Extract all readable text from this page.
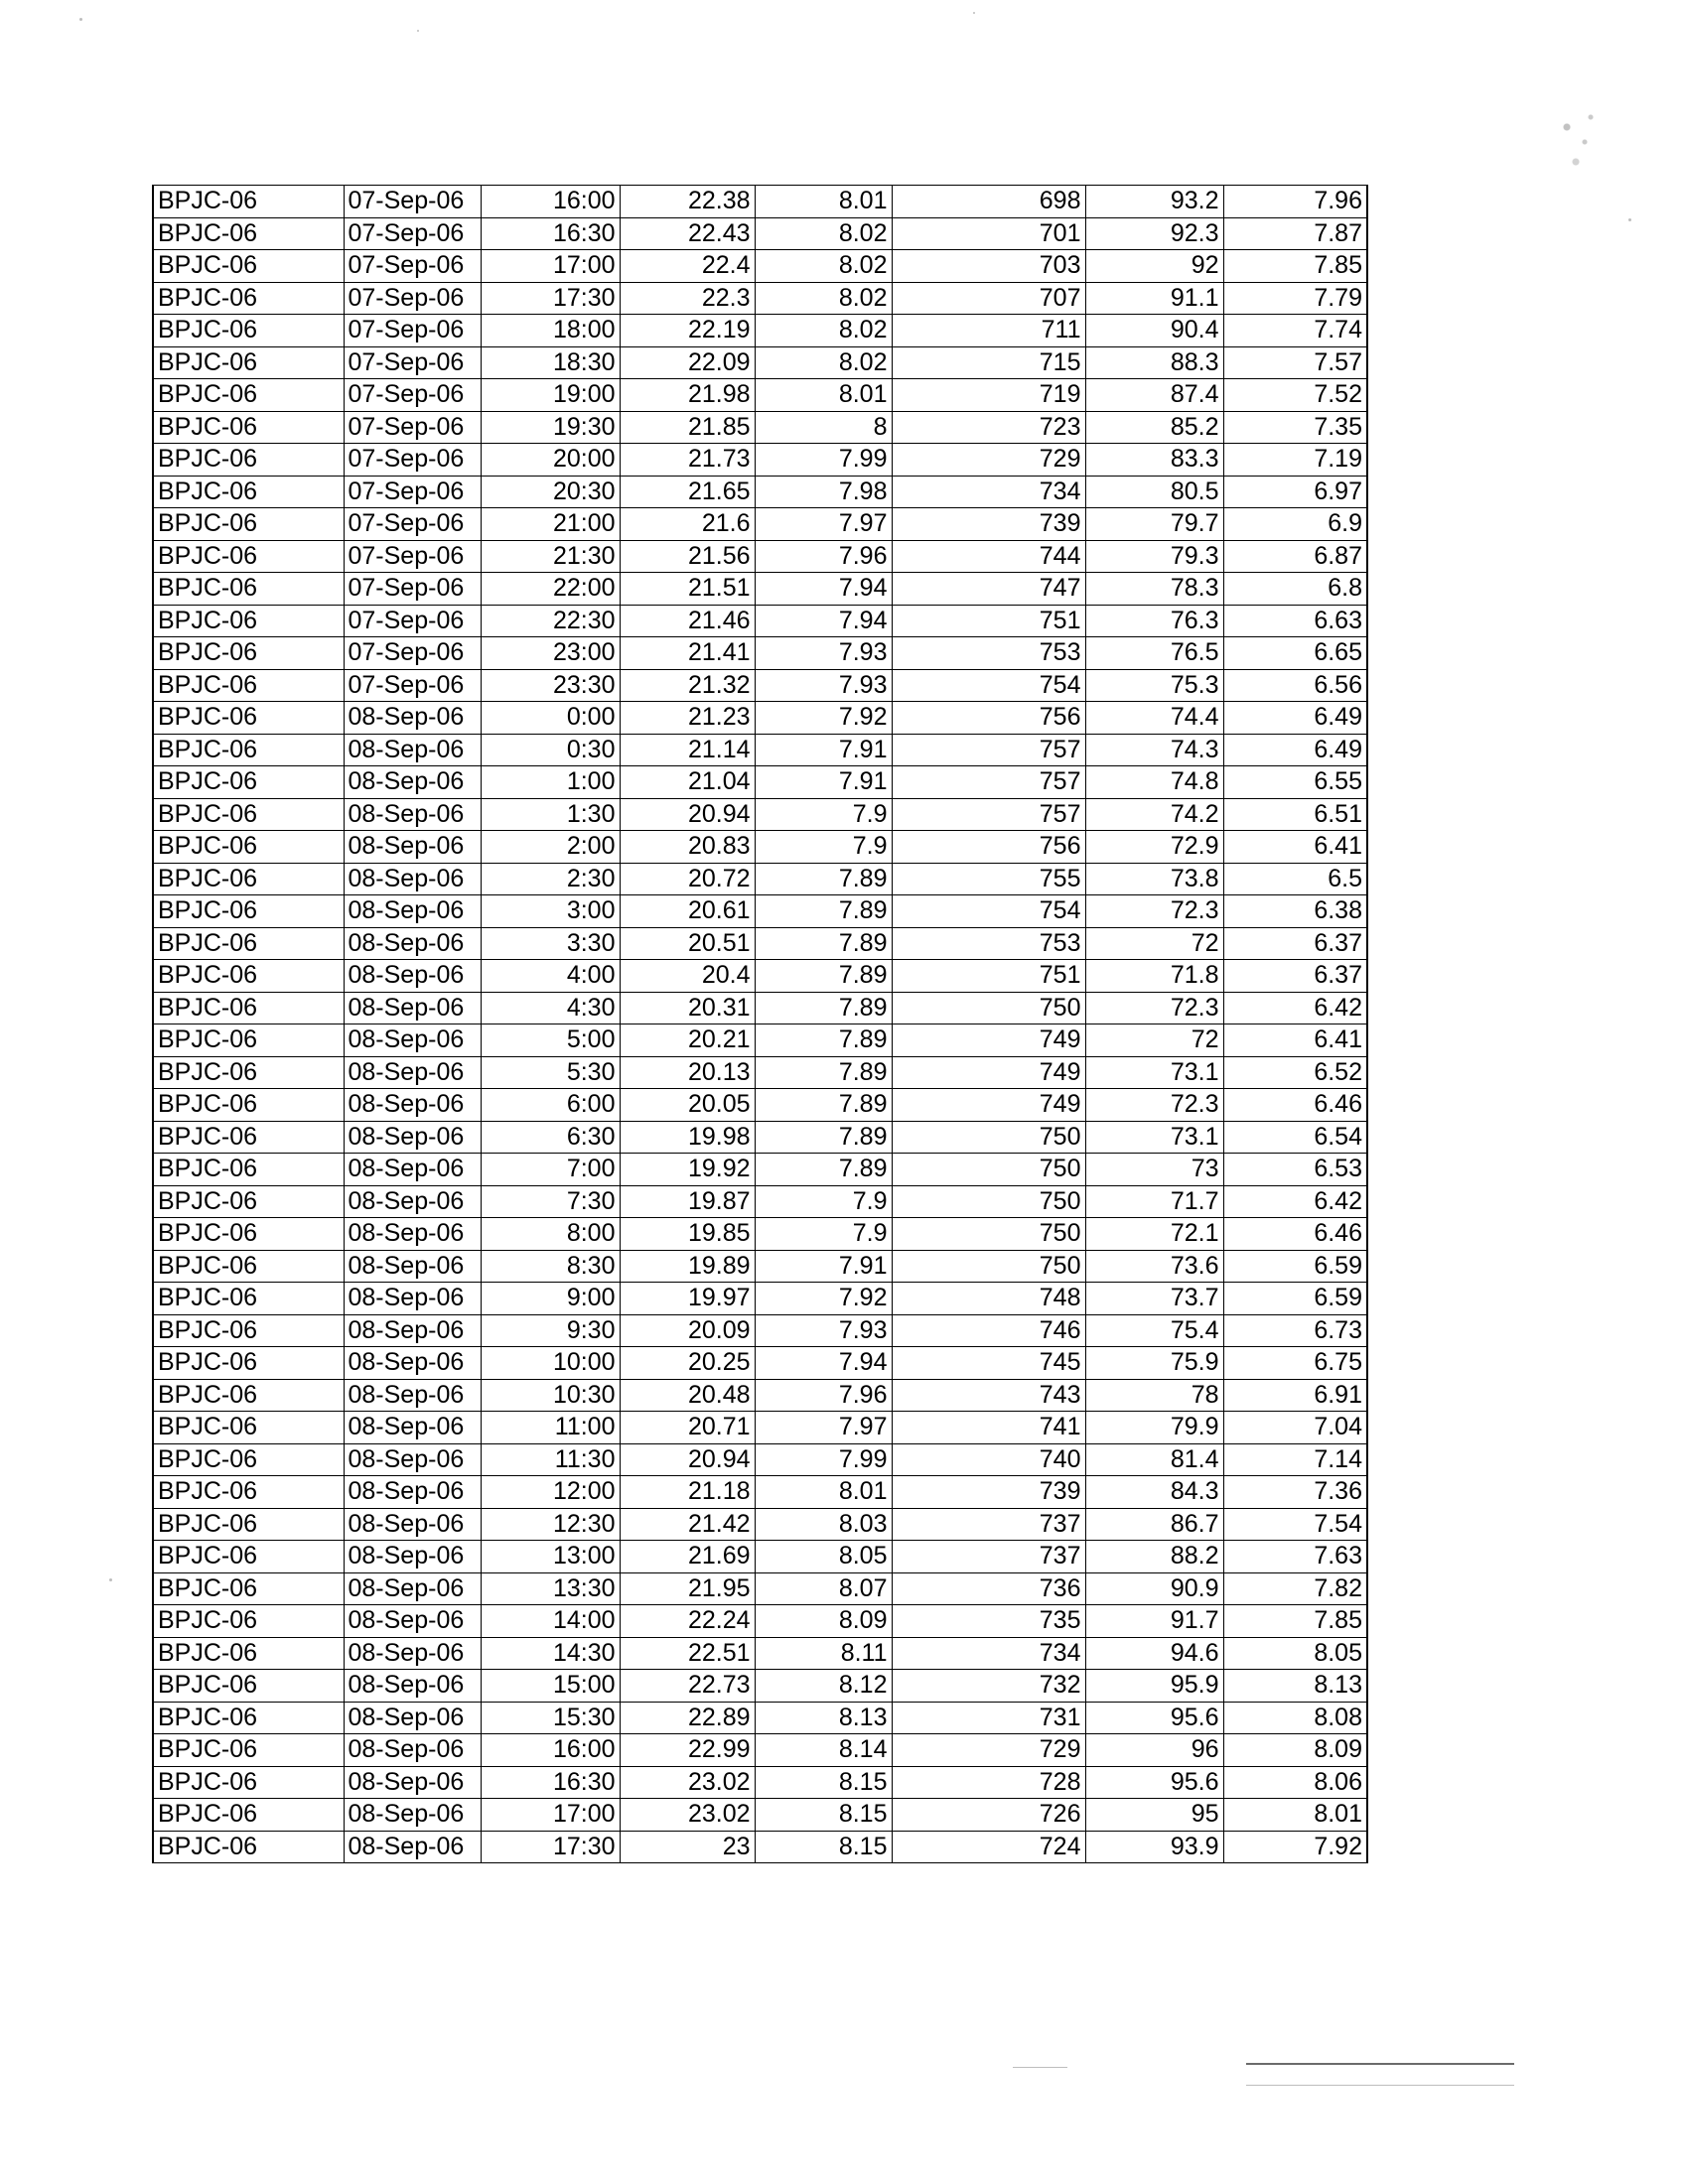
BPJC-06	07-Sep-06	16:00	22.38	8.01	698	93.2	7.96
BPJC-06	07-Sep-06	16:30	22.43	8.02	701	92.3	7.87
BPJC-06	07-Sep-06	17:00	22.4	8.02	703	92	7.85
BPJC-06	07-Sep-06	17:30	22.3	8.02	707	91.1	7.79
BPJC-06	07-Sep-06	18:00	22.19	8.02	711	90.4	7.74
BPJC-06	07-Sep-06	18:30	22.09	8.02	715	88.3	7.57
BPJC-06	07-Sep-06	19:00	21.98	8.01	719	87.4	7.52
BPJC-06	07-Sep-06	19:30	21.85	8	723	85.2	7.35
BPJC-06	07-Sep-06	20:00	21.73	7.99	729	83.3	7.19
BPJC-06	07-Sep-06	20:30	21.65	7.98	734	80.5	6.97
BPJC-06	07-Sep-06	21:00	21.6	7.97	739	79.7	6.9
BPJC-06	07-Sep-06	21:30	21.56	7.96	744	79.3	6.87
BPJC-06	07-Sep-06	22:00	21.51	7.94	747	78.3	6.8
BPJC-06	07-Sep-06	22:30	21.46	7.94	751	76.3	6.63
BPJC-06	07-Sep-06	23:00	21.41	7.93	753	76.5	6.65
BPJC-06	07-Sep-06	23:30	21.32	7.93	754	75.3	6.56
BPJC-06	08-Sep-06	0:00	21.23	7.92	756	74.4	6.49
BPJC-06	08-Sep-06	0:30	21.14	7.91	757	74.3	6.49
BPJC-06	08-Sep-06	1:00	21.04	7.91	757	74.8	6.55
BPJC-06	08-Sep-06	1:30	20.94	7.9	757	74.2	6.51
BPJC-06	08-Sep-06	2:00	20.83	7.9	756	72.9	6.41
BPJC-06	08-Sep-06	2:30	20.72	7.89	755	73.8	6.5
BPJC-06	08-Sep-06	3:00	20.61	7.89	754	72.3	6.38
BPJC-06	08-Sep-06	3:30	20.51	7.89	753	72	6.37
BPJC-06	08-Sep-06	4:00	20.4	7.89	751	71.8	6.37
BPJC-06	08-Sep-06	4:30	20.31	7.89	750	72.3	6.42
BPJC-06	08-Sep-06	5:00	20.21	7.89	749	72	6.41
BPJC-06	08-Sep-06	5:30	20.13	7.89	749	73.1	6.52
BPJC-06	08-Sep-06	6:00	20.05	7.89	749	72.3	6.46
BPJC-06	08-Sep-06	6:30	19.98	7.89	750	73.1	6.54
BPJC-06	08-Sep-06	7:00	19.92	7.89	750	73	6.53
BPJC-06	08-Sep-06	7:30	19.87	7.9	750	71.7	6.42
BPJC-06	08-Sep-06	8:00	19.85	7.9	750	72.1	6.46
BPJC-06	08-Sep-06	8:30	19.89	7.91	750	73.6	6.59
BPJC-06	08-Sep-06	9:00	19.97	7.92	748	73.7	6.59
BPJC-06	08-Sep-06	9:30	20.09	7.93	746	75.4	6.73
BPJC-06	08-Sep-06	10:00	20.25	7.94	745	75.9	6.75
BPJC-06	08-Sep-06	10:30	20.48	7.96	743	78	6.91
BPJC-06	08-Sep-06	11:00	20.71	7.97	741	79.9	7.04
BPJC-06	08-Sep-06	11:30	20.94	7.99	740	81.4	7.14
BPJC-06	08-Sep-06	12:00	21.18	8.01	739	84.3	7.36
BPJC-06	08-Sep-06	12:30	21.42	8.03	737	86.7	7.54
BPJC-06	08-Sep-06	13:00	21.69	8.05	737	88.2	7.63
BPJC-06	08-Sep-06	13:30	21.95	8.07	736	90.9	7.82
BPJC-06	08-Sep-06	14:00	22.24	8.09	735	91.7	7.85
BPJC-06	08-Sep-06	14:30	22.51	8.11	734	94.6	8.05
BPJC-06	08-Sep-06	15:00	22.73	8.12	732	95.9	8.13
BPJC-06	08-Sep-06	15:30	22.89	8.13	731	95.6	8.08
BPJC-06	08-Sep-06	16:00	22.99	8.14	729	96	8.09
BPJC-06	08-Sep-06	16:30	23.02	8.15	728	95.6	8.06
BPJC-06	08-Sep-06	17:00	23.02	8.15	726	95	8.01
BPJC-06	08-Sep-06	17:30	23	8.15	724	93.9	7.92
